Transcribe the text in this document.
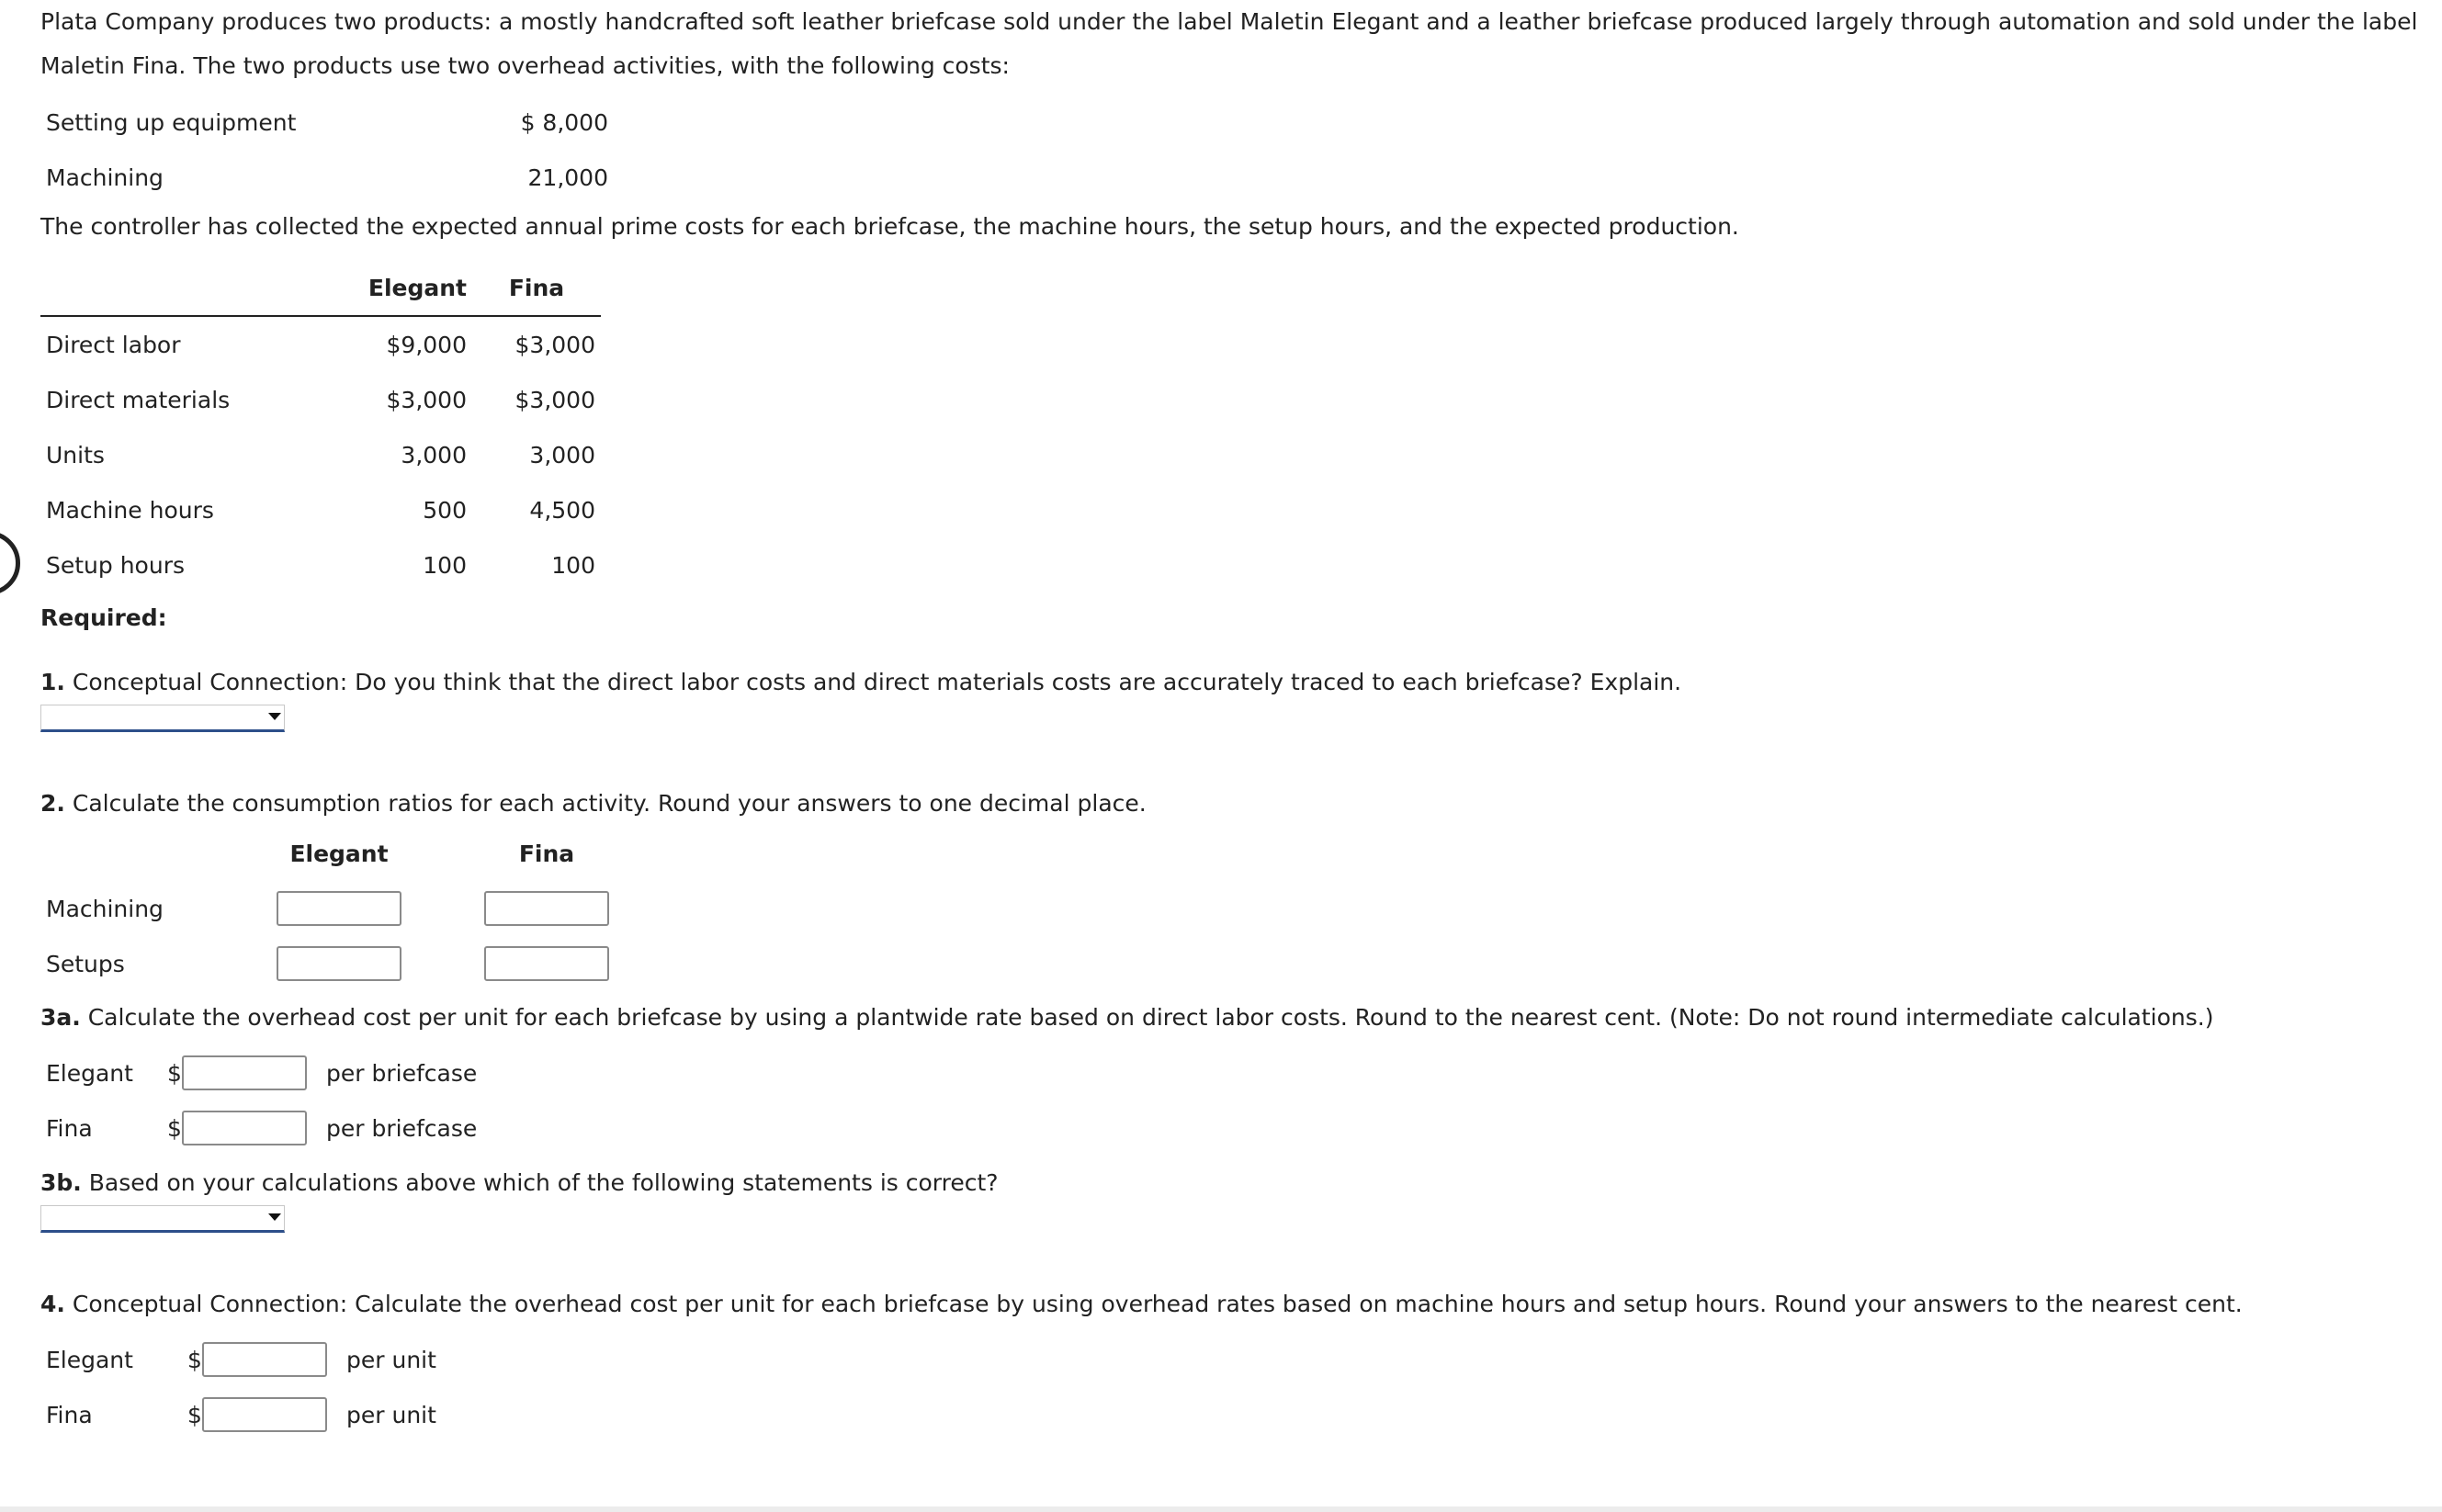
Plata Company produces two products: a mostly handcrafted soft leather briefcase sold under the label Maletin Elegant and a leather briefcase produced largely through automation and sold under the label Maletin Fina. The two products use two overhead activities, with the following costs:

Setting up equipment	$ 8,000
Machining	21,000

The controller has collected the expected annual prime costs for each briefcase, the machine hours, the setup hours, and the expected production.

	Elegant	Fina
Direct labor	$9,000	$3,000
Direct materials	$3,000	$3,000
Units	3,000	3,000
Machine hours	500	4,500
Setup hours	100	100
Required:
1. Conceptual Connection: Do you think that the direct labor costs and direct materials costs are accurately traced to each briefcase? Explain.
2. Calculate the consumption ratios for each activity. Round your answers to one decimal place.
	Elegant	Fina
Machining		
Setups		
3a. Calculate the overhead cost per unit for each briefcase by using a plantwide rate based on direct labor costs. Round to the nearest cent. (Note: Do not round intermediate calculations.)
Elegant	$	per briefcase
Fina	$	per briefcase
3b. Based on your calculations above which of the following statements is correct?
4. Conceptual Connection: Calculate the overhead cost per unit for each briefcase by using overhead rates based on machine hours and setup hours. Round your answers to the nearest cent.
Elegant	$	per unit
Fina	$	per unit
